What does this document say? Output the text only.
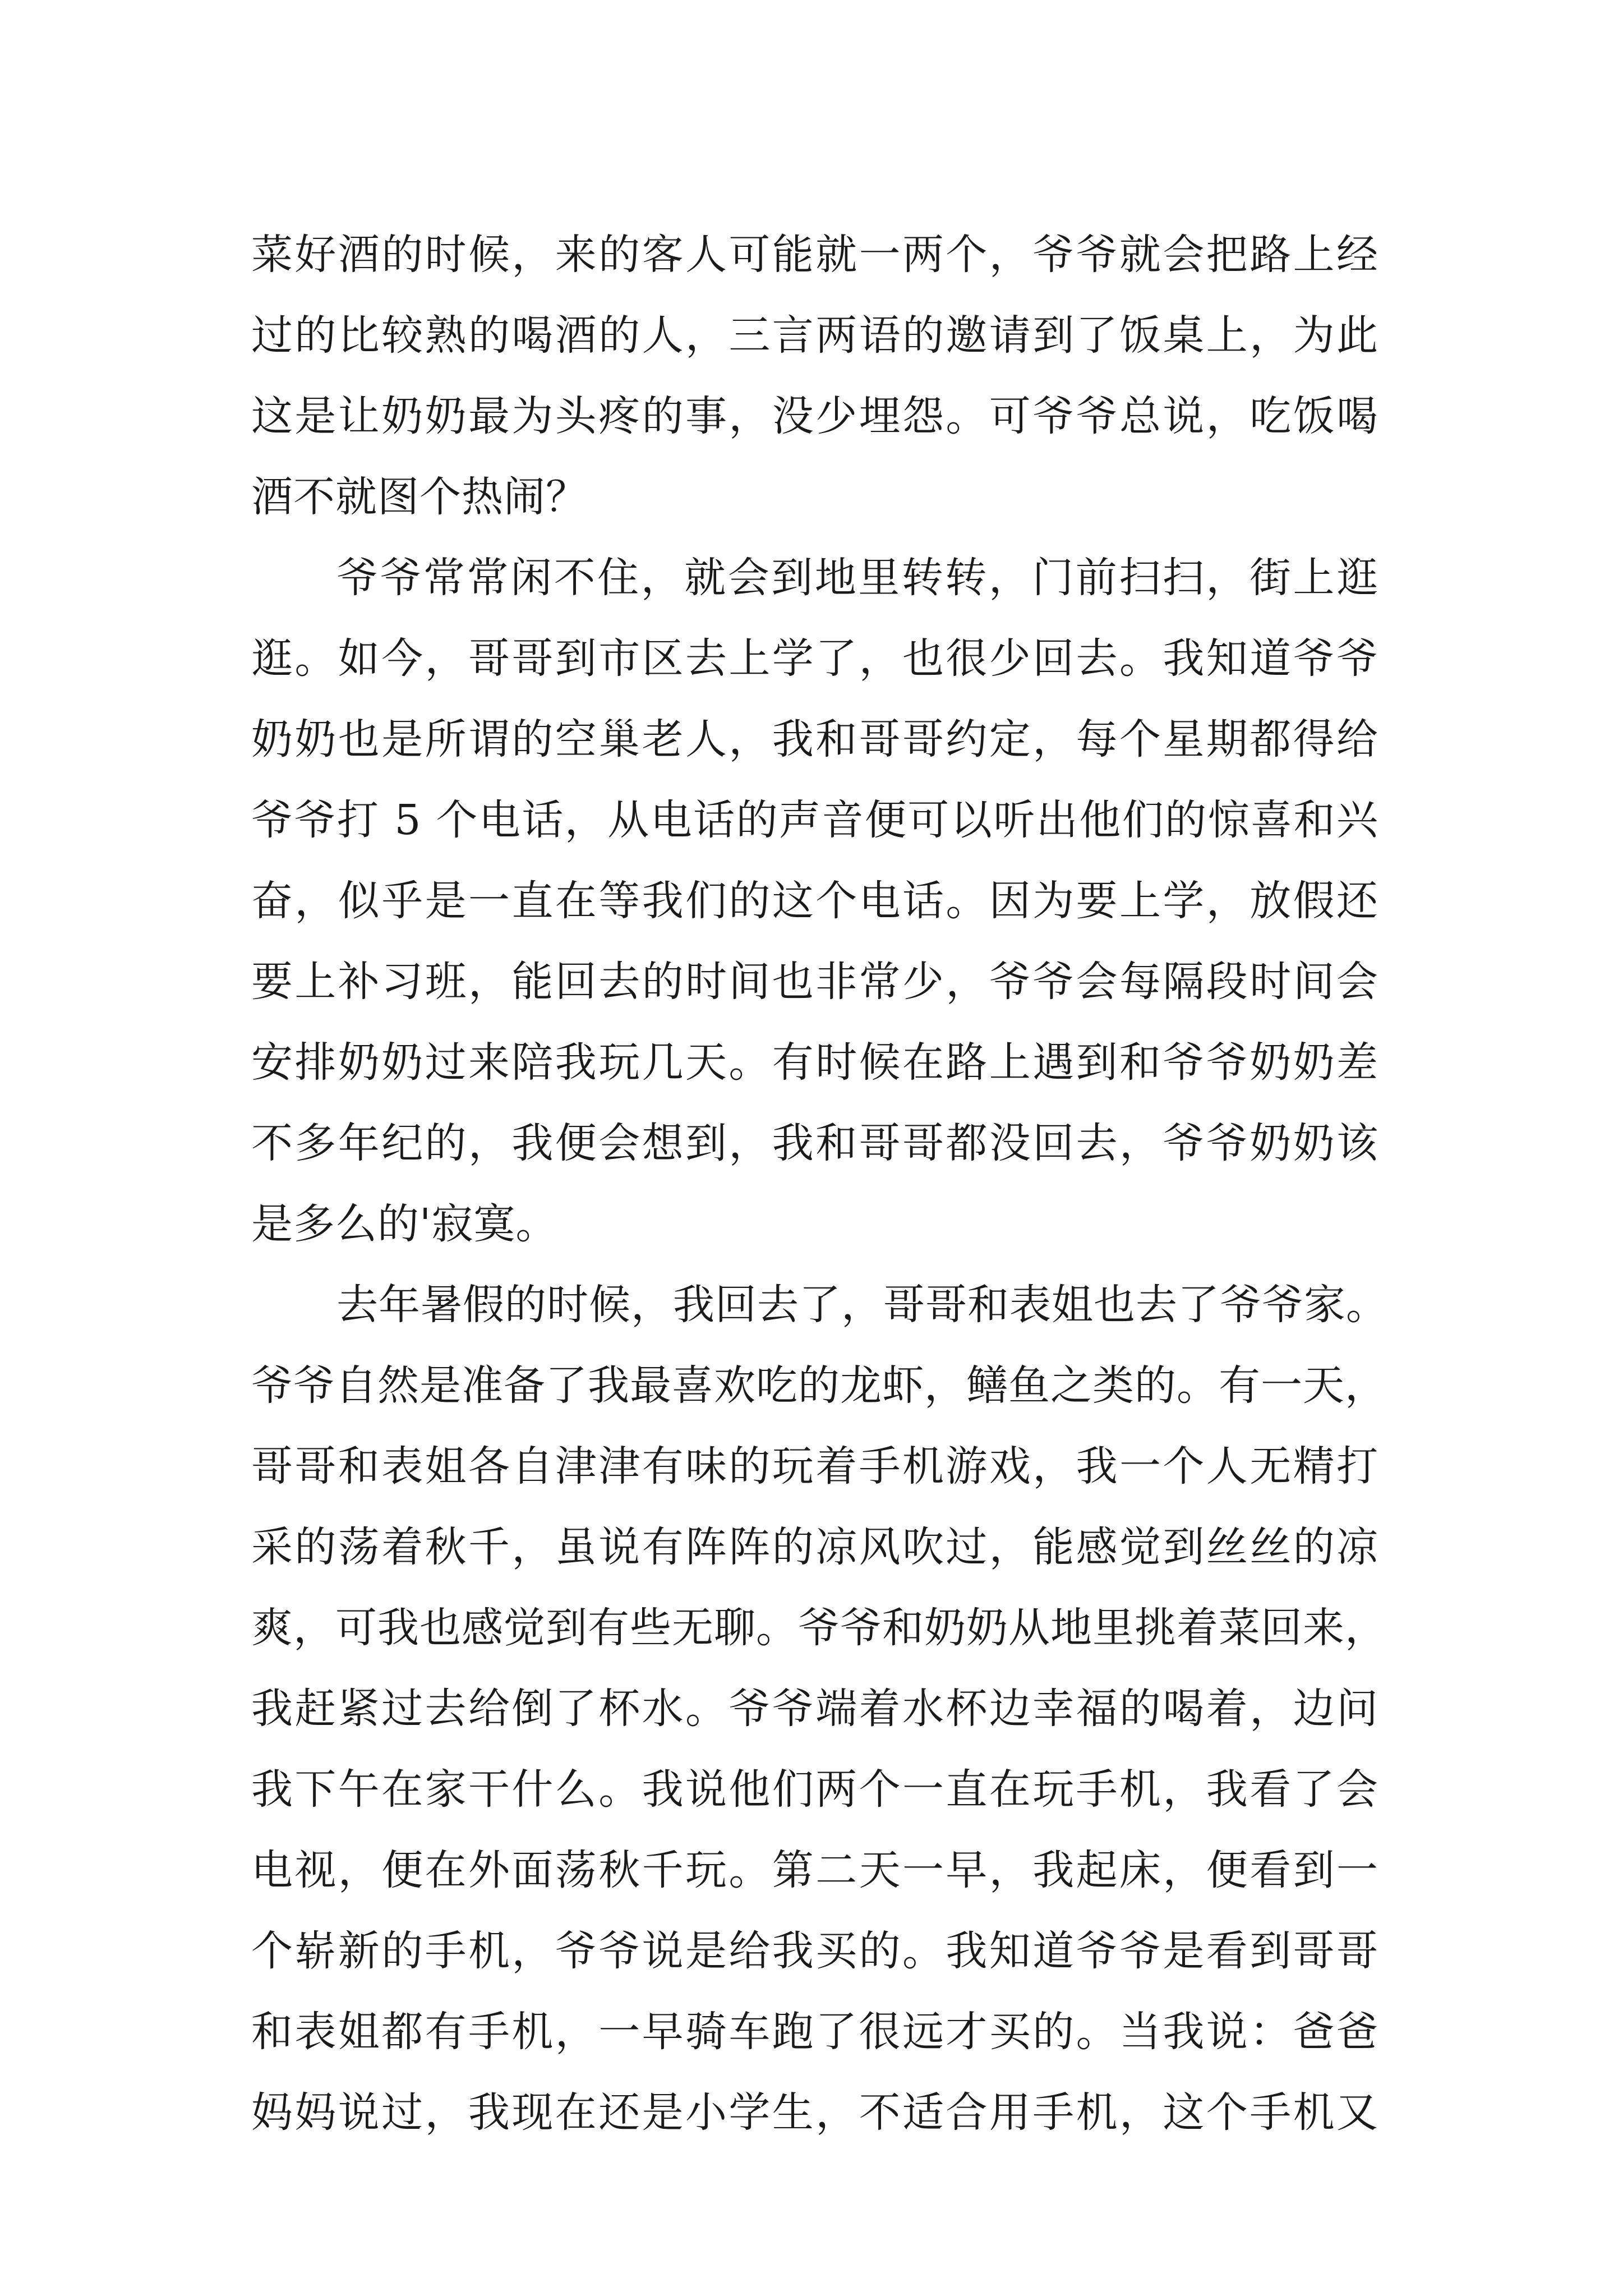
菜好酒的时候，来的客人可能就一两个，爷爷就会把路上经
过的比较熟的喝酒的人，三言两语的邀请到了饭桌上，为此
这是让奶奶最为头疼的事，没少埋怨。可爷爷总说，吃饭喝
酒不就图个热闹？
爷爷常常闲不住，就会到地里转转，门前扫扫，街上逛
逛。如今，哥哥到市区去上学了，也很少回去。我知道爷爷
奶奶也是所谓的空巢老人，我和哥哥约定，每个星期都得给
爷爷打 5 个电话，从电话的声音便可以听出他们的惊喜和兴
奋，似乎是一直在等我们的这个电话。因为要上学，放假还
要上补习班，能回去的时间也非常少，爷爷会每隔段时间会
安排奶奶过来陪我玩几天。有时候在路上遇到和爷爷奶奶差
不多年纪的，我便会想到，我和哥哥都没回去，爷爷奶奶该
是多么的'寂寞。
去年暑假的时候，我回去了，哥哥和表姐也去了爷爷家。
爷爷自然是准备了我最喜欢吃的龙虾，鳝鱼之类的。有一天，
哥哥和表姐各自津津有味的玩着手机游戏，我一个人无精打
采的荡着秋千，虽说有阵阵的凉风吹过，能感觉到丝丝的凉
爽，可我也感觉到有些无聊。爷爷和奶奶从地里挑着菜回来，
我赶紧过去给倒了杯水。爷爷端着水杯边幸福的喝着，边问
我下午在家干什么。我说他们两个一直在玩手机，我看了会
电视，便在外面荡秋千玩。第二天一早，我起床，便看到一
个崭新的手机，爷爷说是给我买的。我知道爷爷是看到哥哥
和表姐都有手机，一早骑车跑了很远才买的。当我说：爸爸
妈妈说过，我现在还是小学生，不适合用手机，这个手机又
